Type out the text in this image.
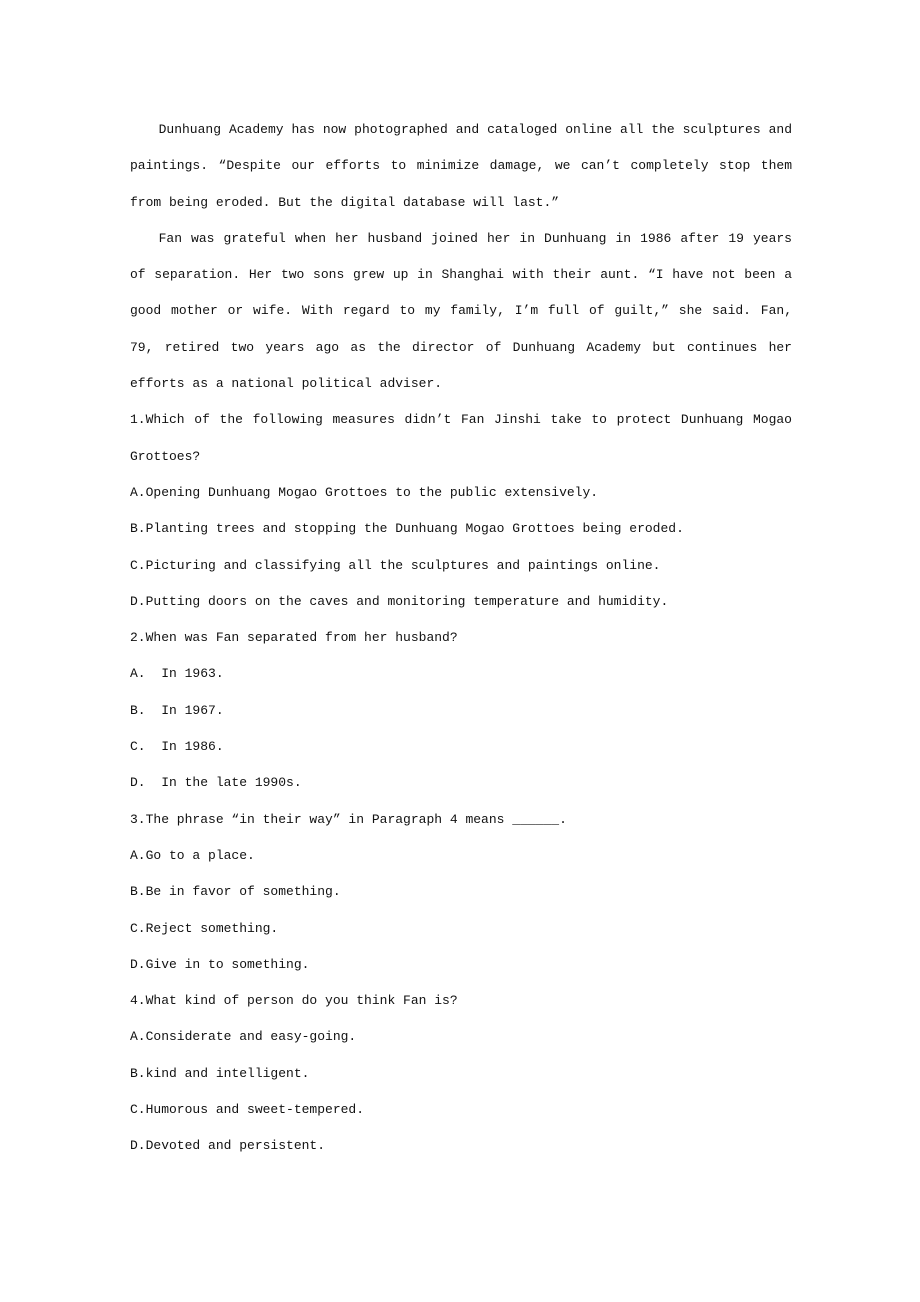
Dunhuang Academy has now photographed and cataloged online all the sculptures and paintings. “Despite our efforts to minimize damage, we can’t completely stop them from being eroded. But the digital database will last.”

Fan was grateful when her husband joined her in Dunhuang in 1986 after 19 years of separation. Her two sons grew up in Shanghai with their aunt. “I have not been a good mother or wife. With regard to my family, I’m full of guilt,” she said. Fan, 79, retired two years ago as the director of Dunhuang Academy but continues her efforts as a national political adviser.

1.Which of the following measures didn’t Fan Jinshi take to protect Dunhuang Mogao Grottoes?

A.Opening Dunhuang Mogao Grottoes to the public extensively.

B.Planting trees and stopping the Dunhuang Mogao Grottoes being eroded.

C.Picturing and classifying all the sculptures and paintings online.

D.Putting doors on the caves and monitoring temperature and humidity.

2.When was Fan separated from her husband?

A.  In 1963.

B.  In 1967.

C.  In 1986.

D.  In the late 1990s.

3.The phrase “in their way” in Paragraph 4 means ______.

A.Go to a place.

B.Be in favor of something.

C.Reject something.

D.Give in to something.

4.What kind of person do you think Fan is?

A.Considerate and easy-going.

B.kind and intelligent.

C.Humorous and sweet-tempered.

D.Devoted and persistent.
